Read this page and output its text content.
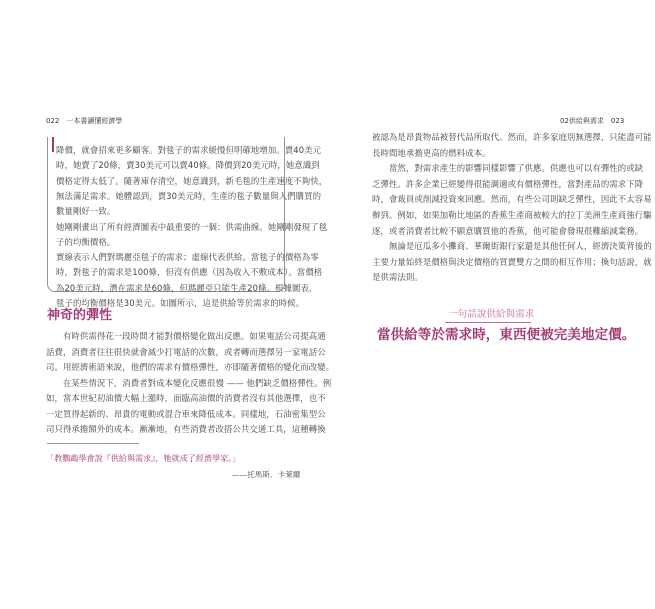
022　一本書讀懂經濟學	02供給與需求　023
降價，就會招來更多顧客。對毯子的需求緩慢但明確地增加。賣40美元
時，她賣了20條，賣30美元可以賣40條。降價到20美元時，她意識到
價格定得太低了。隨著庫存清空，她意識到，新毛毯的生產速度不夠快，
無法滿足需求。她體認到，賣30美元時，生產的毯子數量與人們購買的
數量剛好一致。
她剛剛畫出了所有經濟圖表中最重要的一個：供需曲線。她剛剛發現了毯
子的均衡價格。
實線表示人們對瑪麗亞毯子的需求；虛線代表供給。當毯子的價格為零
時，對毯子的需求是100條，但沒有供應（因為收入不敷成本）。當價格
為20美元時，潛在需求是60條，但瑪麗亞只能生產20條。根據圖表，
毯子的均衡價格是30美元。如圖所示，這是供給等於需求的時候。
神奇的彈性
　　有時供需得花一段時間才能對價格變化做出反應。如果電話公司提高通
話費，消費者往往很快就會減少打電話的次數，或者轉而選擇另一家電話公
司。用經濟術語來說，他們的需求有價格彈性，亦即隨著價格的變化而改變。
　　在某些情況下，消費者對成本變化反應很慢 —— 他們缺乏價格彈性。例
如，當本世紀初油價大幅上漲時，面臨高油價的消費者沒有其他選擇，也不
一定買得起新的、昂貴的電動或混合車來降低成本。同樣地，石油密集型公
司只得承擔額外的成本。漸漸地，有些消費者改搭公共交通工具，這種轉換
「教鸚鵡學會說『供給與需求』，牠就成了經濟學家。」
——托馬斯．卡萊爾
被認為是昂貴物品被替代品所取代。然而，許多家庭別無選擇，只能盡可能
長時間地承擔更高的燃料成本。
　　當然，對需求產生的影響同樣影響了供應。供應也可以有彈性的或缺
乏彈性。許多企業已經變得很能調適或有價格彈性，當對產品的需求下降
時，會裁員或削減投資來回應。然而，有些公司則缺乏彈性，因此不太容易
辦到。例如，如果加勒比地區的香蕉生產商被較大的拉丁美洲生產商強行驅
逐，或者消費者比較不願意購買他的香蕉，他可能會發現很難縮減業務。
　　無論是厄瓜多小攤商、華爾街銀行家還是其他任何人，經濟決策背後的
主要力量始終是價格與決定價格的買賣雙方之間的相互作用；換句話說，就
是供需法則。
一句話說供給與需求
當供給等於需求時，東西便被完美地定價。
